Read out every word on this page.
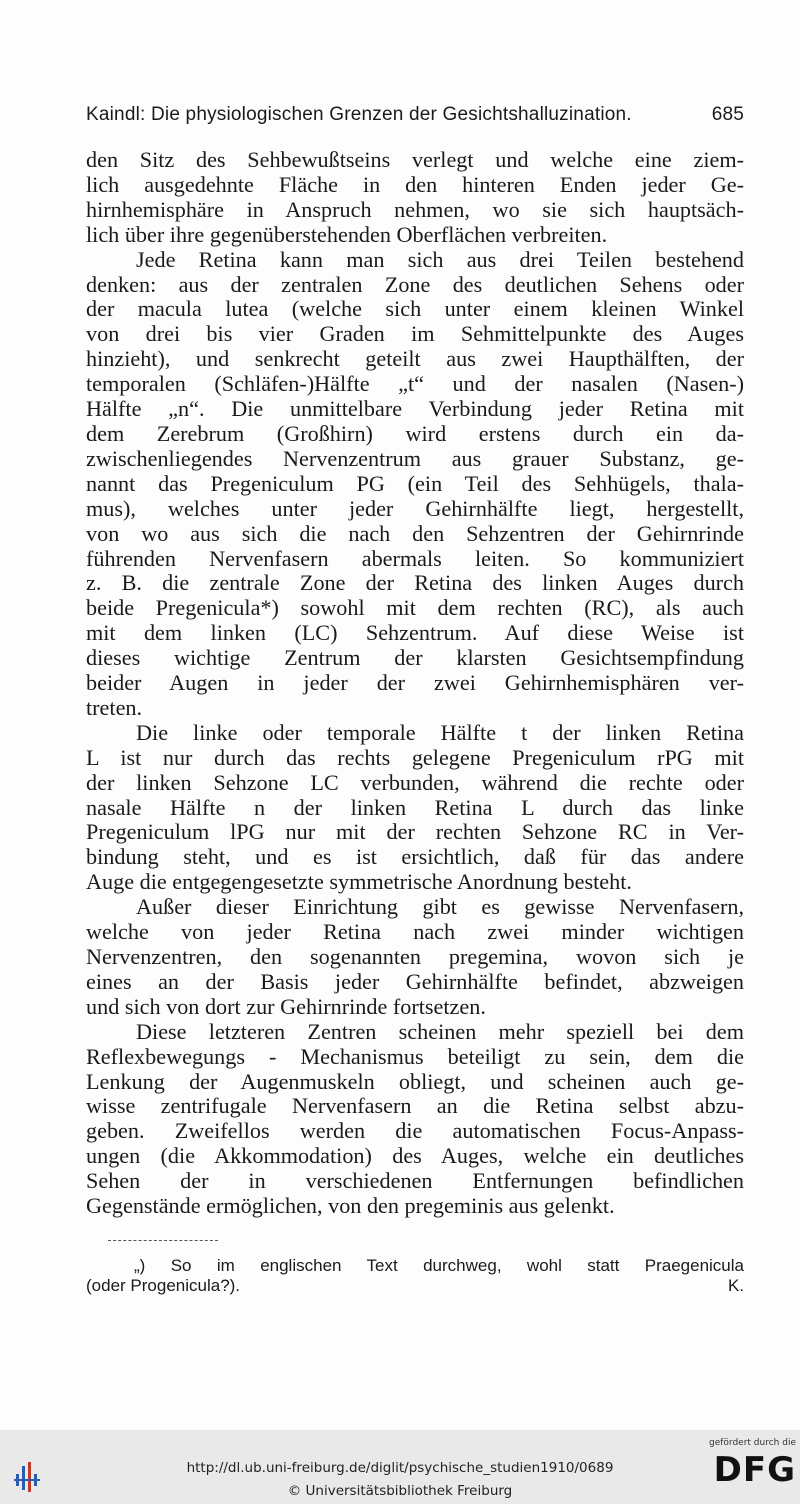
Kaindl: Die physiologischen Grenzen der Gesichtshalluzination.	685

den Sitz des Sehbewußtseins verlegt und welche eine ziem-
lich ausgedehnte Fläche in den hinteren Enden jeder Ge-
hirnhemisphäre in Anspruch nehmen, wo sie sich hauptsäch-
lich über ihre gegenüberstehenden Oberflächen verbreiten.

Jede Retina kann man sich aus drei Teilen bestehend
denken: aus der zentralen Zone des deutlichen Sehens oder
der macula lutea (welche sich unter einem kleinen Winkel
von drei bis vier Graden im Sehmittelpunkte des Auges
hinzieht), und senkrecht geteilt aus zwei Haupthälften, der
temporalen (Schläfen-)Hälfte „t“ und der nasalen (Nasen-)
Hälfte „n“. Die unmittelbare Verbindung jeder Retina mit
dem Zerebrum (Großhirn) wird erstens durch ein da-
zwischenliegendes Nervenzentrum aus grauer Substanz, ge-
nannt das Pregeniculum PG (ein Teil des Sehhügels, thala-
mus), welches unter jeder Gehirnhälfte liegt, hergestellt,
von wo aus sich die nach den Sehzentren der Gehirnrinde
führenden Nervenfasern abermals leiten. So kommuniziert
z. B. die zentrale Zone der Retina des linken Auges durch
beide Pregenicula*) sowohl mit dem rechten (RC), als auch
mit dem linken (LC) Sehzentrum. Auf diese Weise ist
dieses wichtige Zentrum der klarsten Gesichtsempfindung
beider Augen in jeder der zwei Gehirnhemisphären ver-
treten.

Die linke oder temporale Hälfte t der linken Retina
L ist nur durch das rechts gelegene Pregeniculum rPG mit
der linken Sehzone LC verbunden, während die rechte oder
nasale Hälfte n der linken Retina L durch das linke
Pregeniculum lPG nur mit der rechten Sehzone RC in Ver-
bindung steht, und es ist ersichtlich, daß für das andere
Auge die entgegengesetzte symmetrische Anordnung besteht.

Außer dieser Einrichtung gibt es gewisse Nervenfasern,
welche von jeder Retina nach zwei minder wichtigen
Nervenzentren, den sogenannten pregemina, wovon sich je
eines an der Basis jeder Gehirnhälfte befindet, abzweigen
und sich von dort zur Gehirnrinde fortsetzen.

Diese letzteren Zentren scheinen mehr speziell bei dem
Reflexbewegungs - Mechanismus beteiligt zu sein, dem die
Lenkung der Augenmuskeln obliegt, und scheinen auch ge-
wisse zentrifugale Nervenfasern an die Retina selbst abzu-
geben. Zweifellos werden die automatischen Focus-Anpass-
ungen (die Akkommodation) des Auges, welche ein deutliches
Sehen der in verschiedenen Entfernungen befindlichen
Gegenstände ermöglichen, von den pregeminis aus gelenkt.

„) So im englischen Text durchweg, wohl statt Praegenicula
(oder Progenicula?).	K.
http://dl.ub.uni-freiburg.de/diglit/psychische_studien1910/0689
© Universitätsbibliothek Freiburg
gefördert durch die
DFG
